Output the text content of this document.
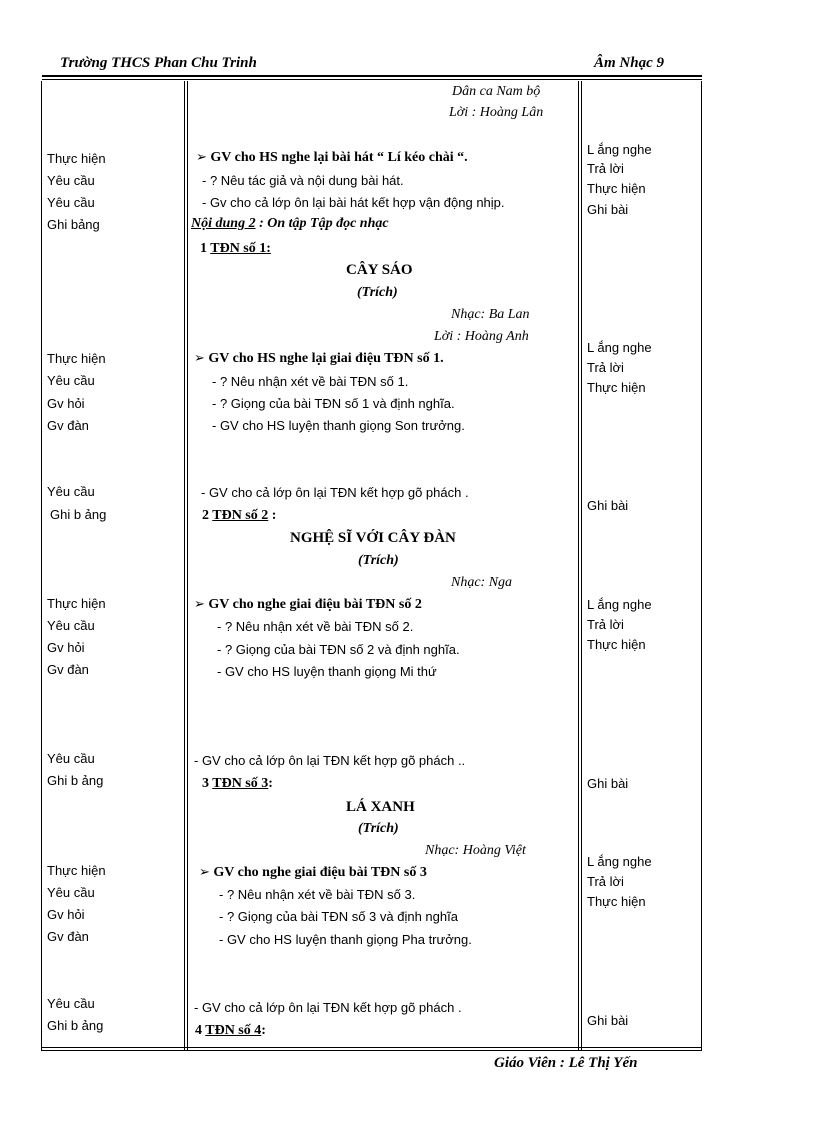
Trường THCS Phan Chu Trinh	Âm Nhạc 9
Dân ca Nam bộ
Lời : Hoàng Lân
Thực hiện
Yêu cầu
Yêu cầu
Ghi bảng
➢ GV cho HS nghe lại bài hát “ Lí kéo chài “.
- ? Nêu tác giả và nội dung bài hát.
- Gv cho cả lớp ôn lại bài hát kết hợp vận động nhịp.
Nội dung 2 : On tập Tập đọc nhạc
L ắng nghe
Trả lời
Thực hiện
Ghi bài
1 TĐN số 1:
CÂY SÁO
(Trích)
Nhạc: Ba Lan
Lời : Hoàng Anh
Thực hiện
Yêu cầu
Gv hỏi
Gv đàn
➢ GV cho HS nghe lại giai điệu TĐN số 1.
- ? Nêu nhận xét về bài TĐN số 1.
- ? Giọng của bài TĐN số 1 và định nghĩa.
- GV cho HS luyện thanh giọng Son trưởng.
L ắng nghe
Trả lời
Thực hiện
Yêu cầu
Ghi b ảng
- GV cho cả lớp ôn lại TĐN kết hợp gõ phách .
Ghi bài
2 TĐN số 2 :
NGHỆ SĨ VỚI CÂY ĐÀN
(Trích)
Nhạc: Nga
Thực hiện
Yêu cầu
Gv hỏi
Gv đàn
➢ GV cho nghe giai điệu bài TĐN số 2
- ? Nêu nhận xét về bài TĐN số 2.
- ? Giọng của bài TĐN số 2 và định nghĩa.
- GV cho HS luyện thanh giọng Mi thứ
L ắng nghe
Trả lời
Thực hiện
Yêu cầu
Ghi b ảng
- GV cho cả lớp ôn lại TĐN kết hợp gõ phách ..
Ghi bài
3 TĐN số 3:
LÁ XANH
(Trích)
Nhạc: Hoàng Việt
Thực hiện
Yêu cầu
Gv hỏi
Gv đàn
➢ GV cho nghe giai điệu bài TĐN số 3
- ? Nêu nhận xét về bài TĐN số 3.
- ? Giọng của bài TĐN số 3 và định nghĩa
- GV cho HS luyện thanh giọng Pha trưởng.
L ắng nghe
Trả lời
Thực hiện
Yêu cầu
Ghi b ảng
- GV cho cả lớp ôn lại TĐN kết hợp gõ phách .
Ghi bài
4 TĐN số 4:
Giáo Viên : Lê Thị Yến
